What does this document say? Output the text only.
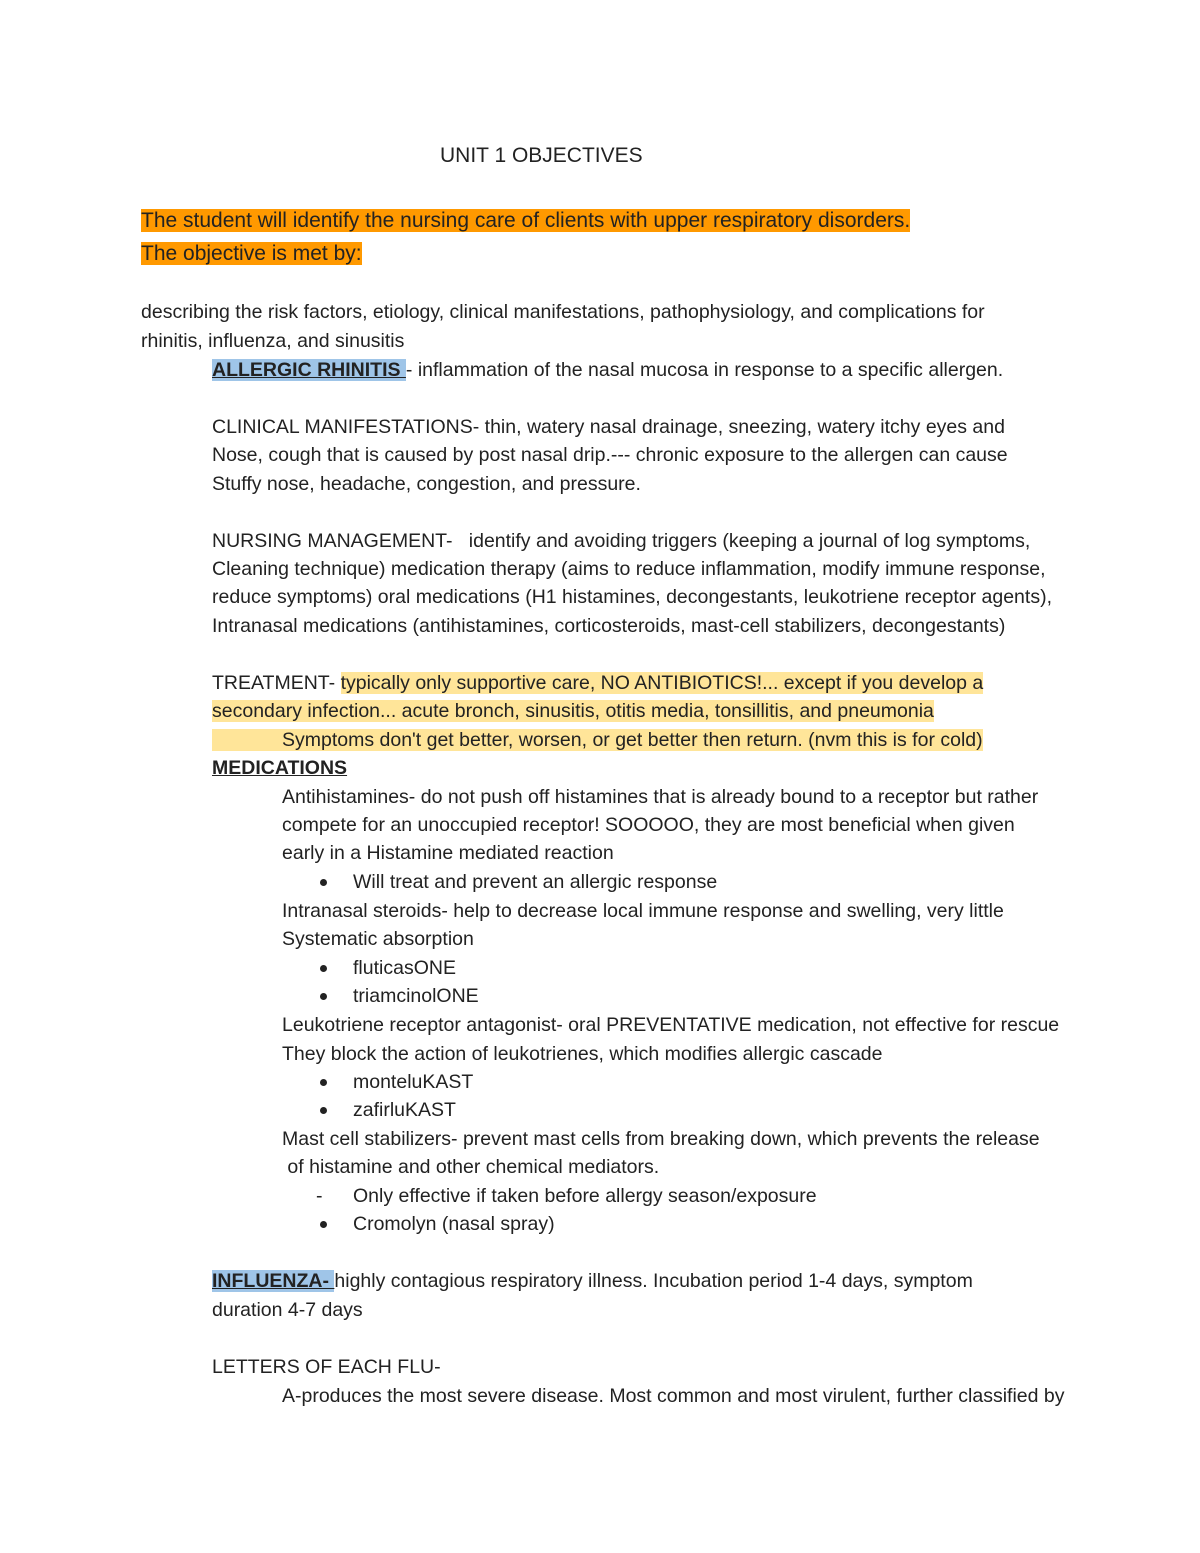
UNIT 1 OBJECTIVES
The student will identify the nursing care of clients with upper respiratory disorders.
The objective is met by:
describing the risk factors, etiology, clinical manifestations, pathophysiology, and complications for
rhinitis, influenza, and sinusitis
ALLERGIC RHINITIS - inflammation of the nasal mucosa in response to a specific allergen.
CLINICAL MANIFESTATIONS- thin, watery nasal drainage, sneezing, watery itchy eyes and
Nose, cough that is caused by post nasal drip.--- chronic exposure to the allergen can cause
Stuffy nose, headache, congestion, and pressure.
NURSING MANAGEMENT-   identify and avoiding triggers (keeping a journal of log symptoms,
Cleaning technique) medication therapy (aims to reduce inflammation, modify immune response,
reduce symptoms) oral medications (H1 histamines, decongestants, leukotriene receptor agents),
Intranasal medications (antihistamines, corticosteroids, mast-cell stabilizers, decongestants)
TREATMENT- typically only supportive care, NO ANTIBIOTICS!... except if you develop a
secondary infection... acute bronch, sinusitis, otitis media, tonsillitis, and pneumonia
Symptoms don't get better, worsen, or get better then return. (nvm this is for cold)
MEDICATIONS
Antihistamines- do not push off histamines that is already bound to a receptor but rather
compete for an unoccupied receptor! SOOOOO, they are most beneficial when given
early in a Histamine mediated reaction
Will treat and prevent an allergic response
Intranasal steroids- help to decrease local immune response and swelling, very little
Systematic absorption
fluticasONE
triamcinolONE
Leukotriene receptor antagonist- oral PREVENTATIVE medication, not effective for rescue
They block the action of leukotrienes, which modifies allergic cascade
monteluKAST
zafirluKAST
Mast cell stabilizers- prevent mast cells from breaking down, which prevents the release
of histamine and other chemical mediators.
- Only effective if taken before allergy season/exposure
Cromolyn (nasal spray)
INFLUENZA- highly contagious respiratory illness. Incubation period 1-4 days, symptom
duration 4-7 days
LETTERS OF EACH FLU-
A-produces the most severe disease. Most common and most virulent, further classified by
